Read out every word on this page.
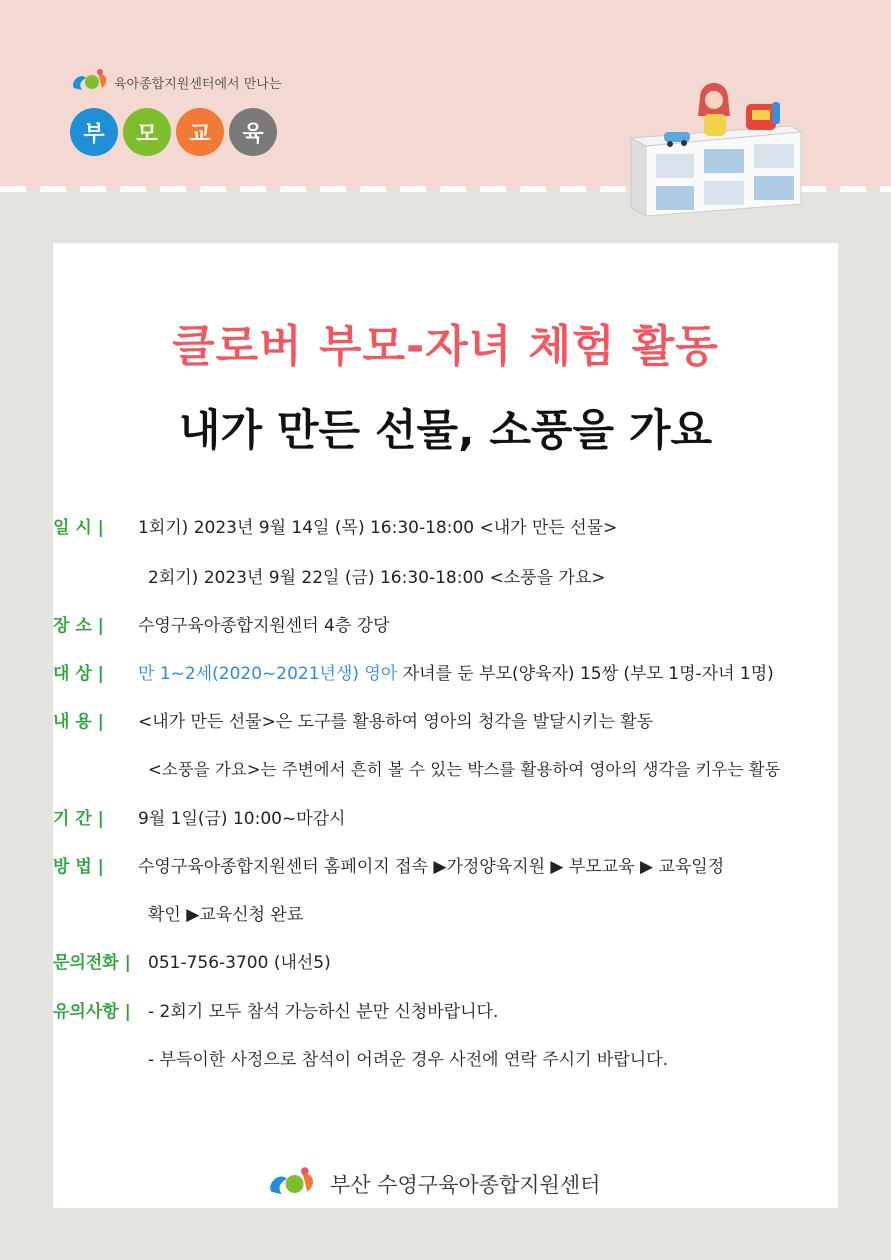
육아종합지원센터에서 만나는
부	모	교	육
클로버 부모-자녀 체험 활동
내가 만든 선물, 소풍을 가요
일 시 | 1회기) 2023년 9월 14일 (목) 16:30-18:00 <내가 만든 선물>
2회기) 2023년 9월 22일 (금) 16:30-18:00 <소풍을 가요>
장 소 | 수영구육아종합지원센터 4층 강당
대 상 | 만 1~2세(2020~2021년생) 영아 자녀를 둔 부모(양육자) 15쌍 (부모 1명-자녀 1명)
내 용 | <내가 만든 선물>은 도구를 활용하여 영아의 청각을 발달시키는 활동
<소풍을 가요>는 주변에서 흔히 볼 수 있는 박스를 활용하여 영아의 생각을 키우는 활동
기 간 | 9월 1일(금) 10:00~마감시
방 법 | 수영구육아종합지원센터 홈페이지 접속 ▶가정양육지원 ▶ 부모교육 ▶ 교육일정
확인 ▶교육신청 완료
문의전화 | 051-756-3700 (내선5)
유의사항 | - 2회기 모두 참석 가능하신 분만 신청바랍니다.
- 부득이한 사정으로 참석이 어려운 경우 사전에 연락 주시기 바랍니다.
부산 수영구육아종합지원센터
